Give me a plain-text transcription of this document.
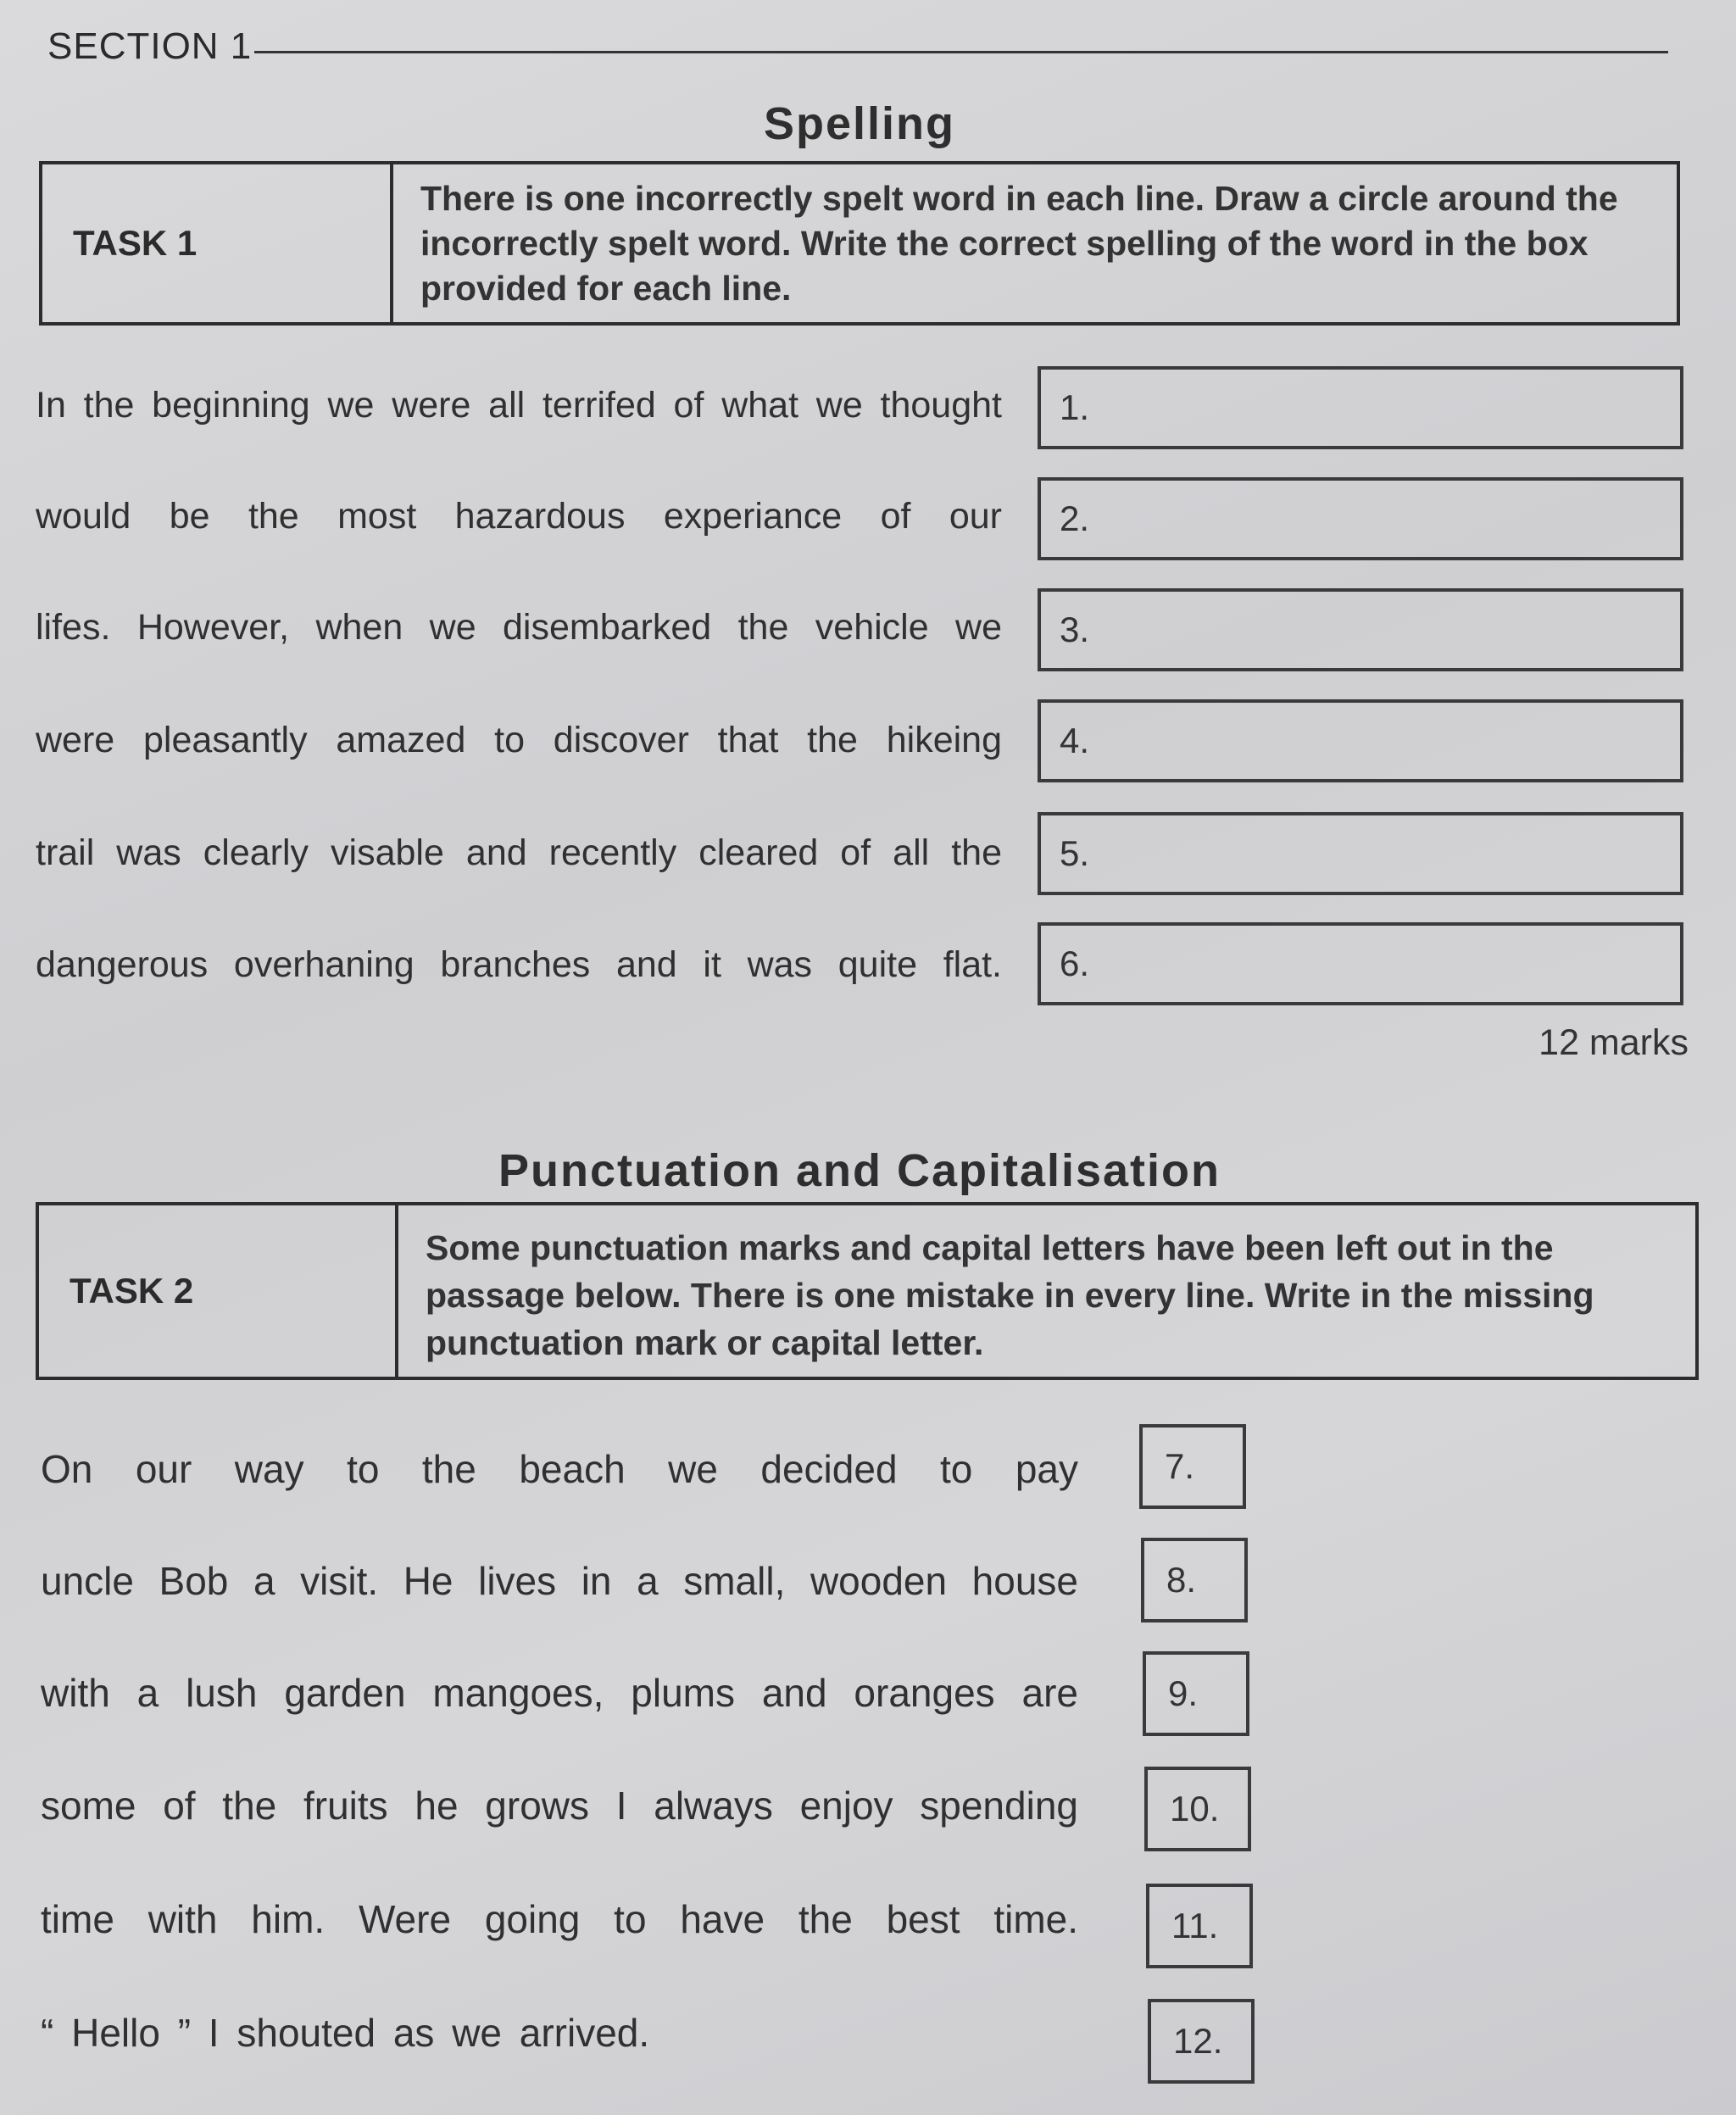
SECTION 1
Spelling
TASK 1
There is one incorrectly spelt word in each line. Draw a circle around the incorrectly spelt word. Write the correct spelling of the word in the box provided for each line.
In the beginning we were all terrifed of what we thought
would be the most hazardous experiance of our
lifes. However, when we disembarked the vehicle we
were pleasantly amazed to discover that the hikeing
trail was clearly visable and recently cleared of all the
dangerous overhaning branches and it was quite flat.
1.
2.
3.
4.
5.
6.
12 marks
Punctuation and Capitalisation
TASK 2
Some punctuation marks and capital letters have been left out in the passage below. There is one mistake in every line. Write in the missing punctuation mark or capital letter.
On our way to the beach we decided to pay
uncle Bob a visit. He lives in a small, wooden house
with a lush garden mangoes, plums and oranges are
some of the fruits he grows I always enjoy spending
time with him. Were going to have the best time.
“ Hello ” I shouted as we arrived.
7.
8.
9.
10.
11.
12.
